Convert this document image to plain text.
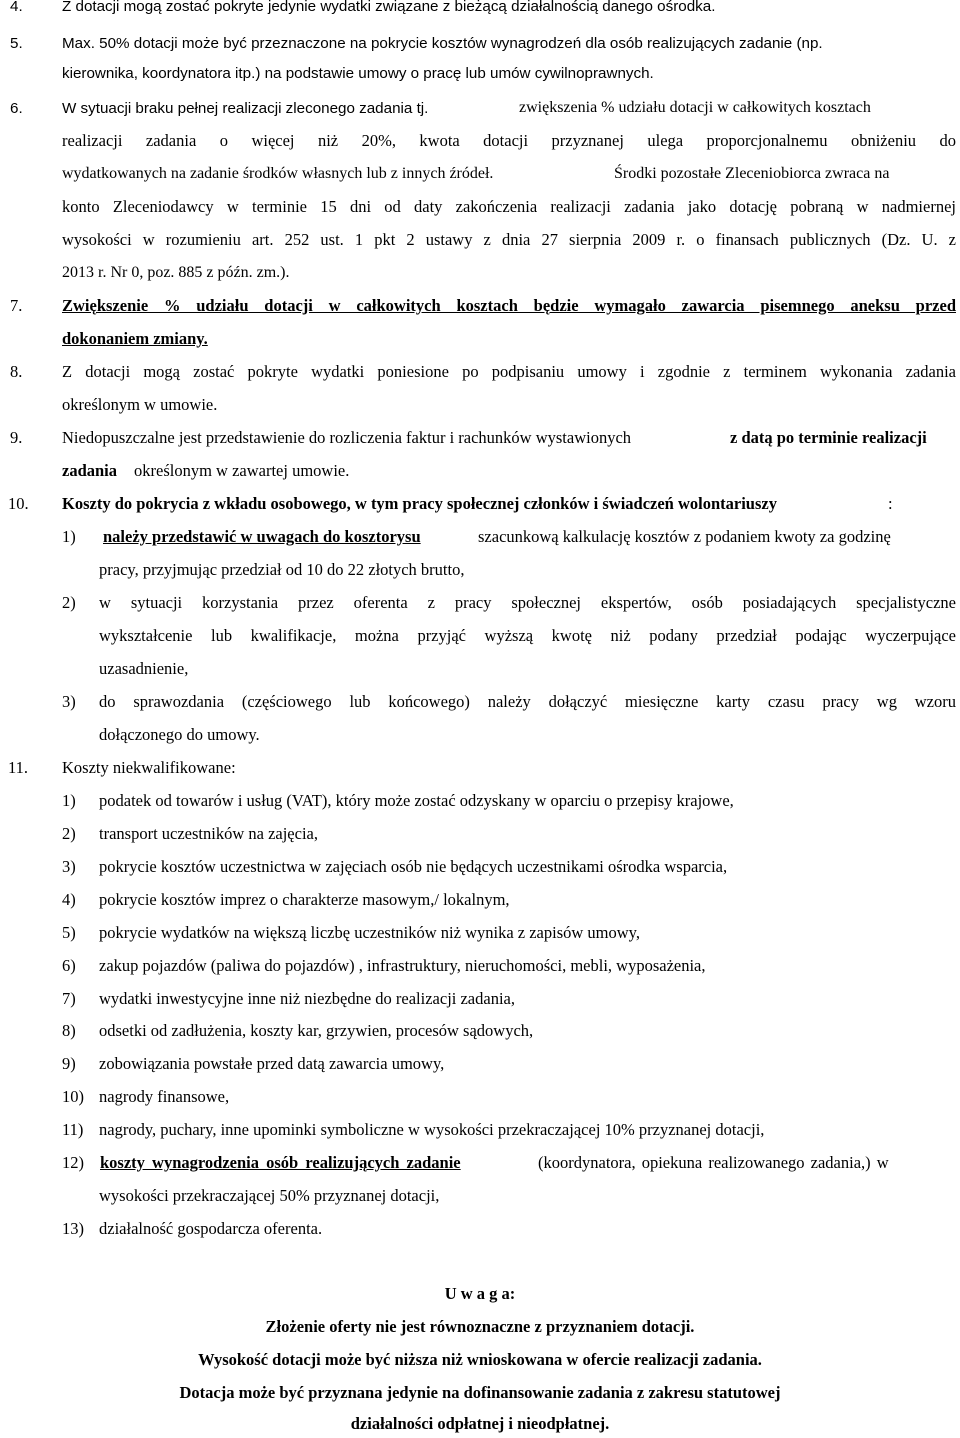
4.	Z dotacji mogą zostać pokryte jedynie wydatki związane z bieżącą działalnością danego ośrodka.
5.	Max. 50% dotacji może być przeznaczone na pokrycie kosztów wynagrodzeń dla osób realizujących zadanie (np.
kierownika, koordynatora itp.) na podstawie umowy o pracę lub umów cywilnoprawnych.
6.	W sytuacji braku pełnej realizacji zleconego zadania tj.	zwiększenia % udziału dotacji w całkowitych kosztach
realizacji zadania o więcej niż 20%, kwota dotacji przyznanej ulega proporcjonalnemu obniżeniu do
wydatkowanych na zadanie środków własnych lub z innych źródeł.	Środki pozostałe Zleceniobiorca zwraca na
konto Zleceniodawcy w terminie 15 dni od daty zakończenia realizacji zadania jako dotację pobraną w nadmiernej
wysokości w rozumieniu art. 252 ust. 1 pkt 2 ustawy z dnia 27 sierpnia 2009 r. o finansach publicznych (Dz. U. z
2013 r. Nr 0, poz. 885 z późn. zm.).
7. Zwiększenie % udziału dotacji w całkowitych kosztach będzie wymagało zawarcia pisemnego aneksu przed
dokonaniem zmiany.
8. Z dotacji mogą zostać pokryte wydatki poniesione po podpisaniu umowy i zgodnie z terminem wykonania zadania
określonym w umowie.
9. Niedopuszczalne jest przedstawienie do rozliczenia faktur i rachunków wystawionych	z datą po terminie realizacji
zadania określonym w zawartej umowie.
10. Koszty do pokrycia z wkładu osobowego, w tym pracy społecznej członków i świadczeń wolontariuszy	:
1) należy przedstawić w uwagach do kosztorysu	szacunkową kalkulację kosztów z podaniem kwoty za godzinę
pracy, przyjmując przedział od 10 do 22 złotych brutto,
2) w sytuacji korzystania przez oferenta z pracy społecznej ekspertów, osób posiadających specjalistyczne
wykształcenie lub kwalifikacje, można przyjąć wyższą kwotę niż podany przedział podając wyczerpujące
uzasadnienie,
3) do sprawozdania (częściowego lub końcowego) należy dołączyć miesięczne karty czasu pracy wg wzoru
dołączonego do umowy.
11. Koszty niekwalifikowane:
1) podatek od towarów i usług (VAT), który może zostać odzyskany w oparciu o przepisy krajowe,
2) transport uczestników na zajęcia,
3) pokrycie kosztów uczestnictwa w zajęciach osób nie będących uczestnikami ośrodka wsparcia,
4) pokrycie kosztów imprez o charakterze masowym,/ lokalnym,
5) pokrycie wydatków na większą liczbę uczestników niż wynika z zapisów umowy,
6) zakup pojazdów (paliwa do pojazdów) , infrastruktury, nieruchomości, mebli, wyposażenia,
7) wydatki inwestycyjne inne niż niezbędne do realizacji zadania,
8) odsetki od zadłużenia, koszty kar, grzywien, procesów sądowych,
9) zobowiązania powstałe przed datą zawarcia umowy,
10) nagrody finansowe,
11) nagrody, puchary, inne upominki symboliczne w wysokości przekraczającej 10% przyznanej dotacji,
12) koszty wynagrodzenia osób realizujących zadanie	(koordynatora, opiekuna realizowanego zadania,) w
wysokości przekraczającej 50% przyznanej dotacji,
13) działalność gospodarcza oferenta.
U w a g a:
Złożenie oferty nie jest równoznaczne z przyznaniem dotacji.
Wysokość dotacji może być niższa niż wnioskowana w ofercie realizacji zadania.
Dotacja może być przyznana jedynie na dofinansowanie zadania z zakresu statutowej
działalności odpłatnej i nieodpłatnej.
